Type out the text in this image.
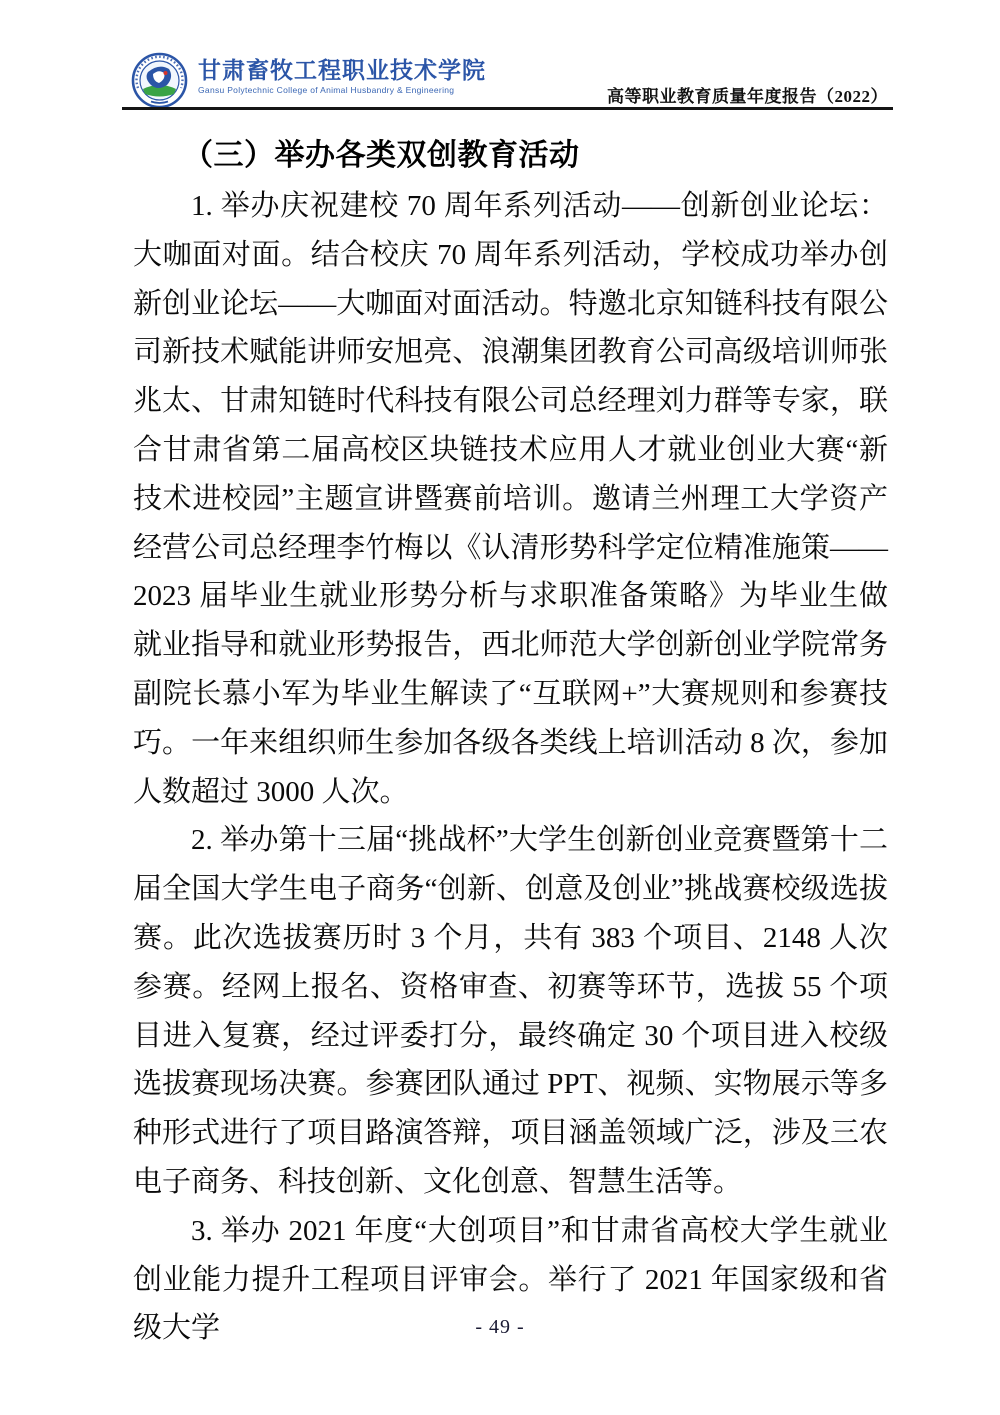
甘肃畜牧工程职业技术学院
Gansu Polytechnic College of Animal Husbandry & Engineering	高等职业教育质量年度报告（2022）
（三）举办各类双创教育活动

1. 举办庆祝建校 70 周年系列活动——创新创业论坛：大咖面对面。结合校庆 70 周年系列活动，学校成功举办创新创业论坛——大咖面对面活动。特邀北京知链科技有限公司新技术赋能讲师安旭亮、浪潮集团教育公司高级培训师张兆太、甘肃知链时代科技有限公司总经理刘力群等专家，联合甘肃省第二届高校区块链技术应用人才就业创业大赛“新技术进校园”主题宣讲暨赛前培训。邀请兰州理工大学资产经营公司总经理李竹梅以《认清形势科学定位精准施策——2023 届毕业生就业形势分析与求职准备策略》为毕业生做就业指导和就业形势报告，西北师范大学创新创业学院常务副院长慕小军为毕业生解读了“互联网+”大赛规则和参赛技巧。一年来组织师生参加各级各类线上培训活动 8 次，参加人数超过 3000 人次。

2. 举办第十三届“挑战杯”大学生创新创业竞赛暨第十二届全国大学生电子商务“创新、创意及创业”挑战赛校级选拔赛。此次选拔赛历时 3 个月，共有 383 个项目、2148 人次参赛。经网上报名、资格审查、初赛等环节，选拔 55 个项目进入复赛，经过评委打分，最终确定 30 个项目进入校级选拔赛现场决赛。参赛团队通过 PPT、视频、实物展示等多种形式进行了项目路演答辩，项目涵盖领域广泛，涉及三农电子商务、科技创新、文化创意、智慧生活等。

3. 举办 2021 年度“大创项目”和甘肃省高校大学生就业创业能力提升工程项目评审会。举行了 2021 年国家级和省级大学	- 49 -
